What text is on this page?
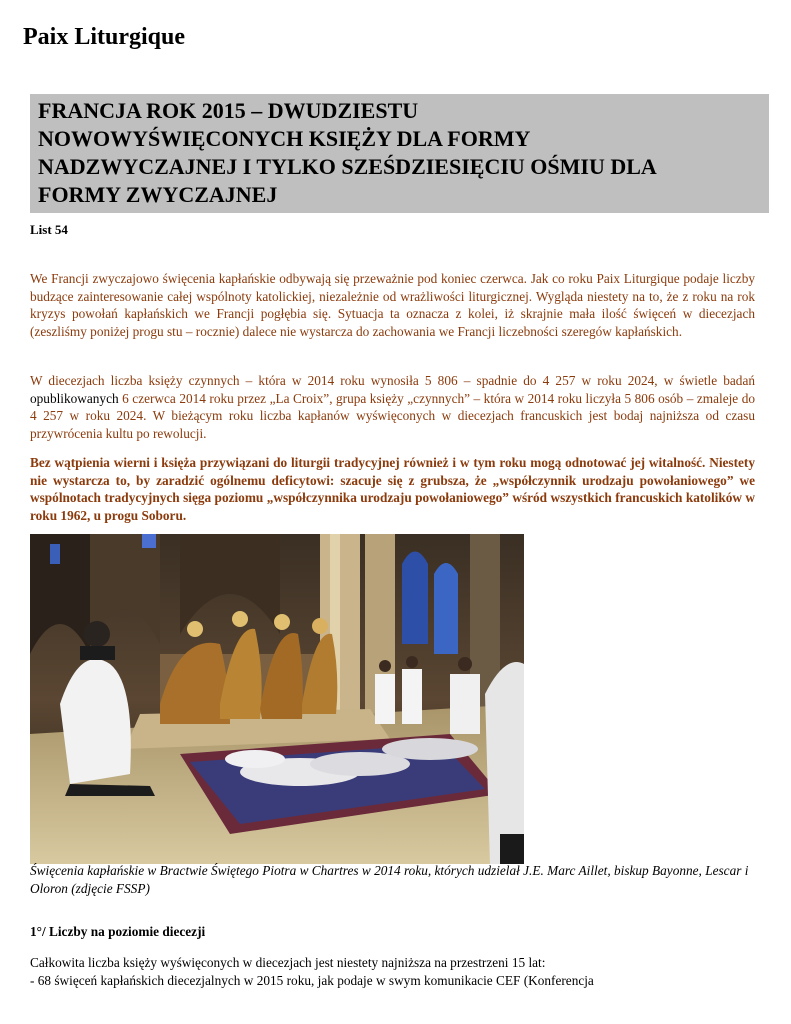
Paix Liturgique
FRANCJA ROK 2015 – DWUDZIESTU
NOWOWYŚWIĘCONYCH KSIĘŻY DLA FORMY
NADZWYCZAJNEJ I TYLKO SZEŚDZIESIĘCIU OŚMIU DLA
FORMY ZWYCZAJNEJ
List 54

We Francji zwyczajowo święcenia kapłańskie odbywają się przeważnie pod koniec czerwca. Jak co roku Paix Liturgique podaje liczby budzące zainteresowanie całej wspólnoty katolickiej, niezależnie od wrażliwości liturgicznej. Wygląda niestety na to, że z roku na rok kryzys powołań kapłańskich we Francji pogłębia się. Sytuacja ta oznacza z kolei, iż skrajnie mała ilość święceń w diecezjach (zeszliśmy poniżej progu stu – rocznie) dalece nie wystarcza do zachowania we Francji liczebności szeregów kapłańskich.

W diecezjach liczba księży czynnych – która w 2014 roku wynosiła 5 806 – spadnie do 4 257 w roku 2024, w świetle badań opublikowanych 6 czerwca 2014 roku przez „La Croix”, grupa księży „czynnych” – która w 2014 roku liczyła 5 806 osób – zmaleje do 4 257 w roku 2024. W bieżącym roku liczba kapłanów wyświęconych w diecezjach francuskich jest bodaj najniższa od czasu przywrócenia kultu po rewolucji.

Bez wątpienia wierni i księża przywiązani do liturgii tradycyjnej również i w tym roku mogą odnotować jej witalność. Niestety nie wystarcza to, by zaradzić ogólnemu deficytowi: szacuje się z grubsza, że „współczynnik urodzaju powołaniowego” we wspólnotach tradycyjnych sięga poziomu „współczynnika urodzaju powołaniowego” wśród wszystkich francuskich katolików w roku 1962, u progu Soboru.

Święcenia kapłańskie w Bractwie Świętego Piotra w Chartres w 2014 roku, których udzielał J.E. Marc Aillet, biskup Bayonne, Lescar i Oloron (zdjęcie FSSP)

1°/ Liczby na poziomie diecezji

Całkowita liczba księży wyświęconych w diecezjach jest niestety najniższa na przestrzeni 15 lat:

- 68 święceń kapłańskich diecezjalnych w 2015 roku, jak podaje w swym komunikacie CEF (Konferencja
